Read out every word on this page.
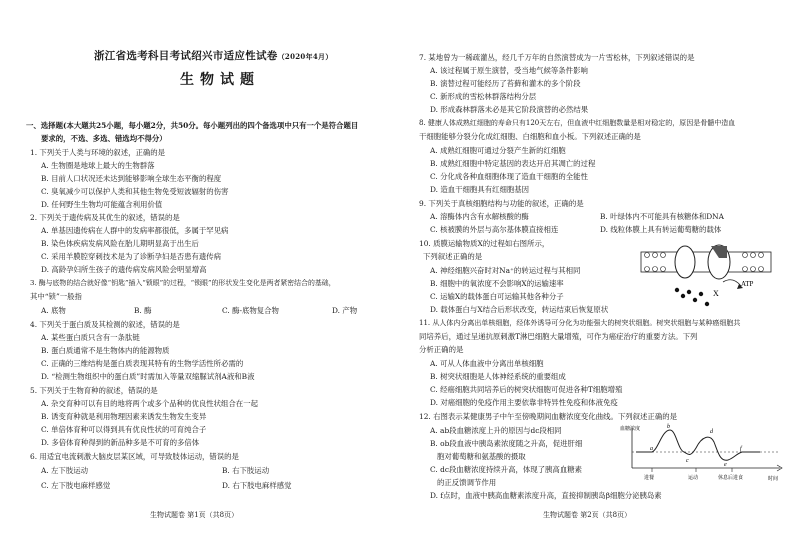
浙江省选考科目考试绍兴市适应性试卷（2020年4月）
生物试题
一、选择题(本大题共25小题，每小题2分，共50分。每小题列出的四个备选项中只有一个是符合题目
要求的，不选、多选、错选均不得分）
1. 下列关于人类与环境的叙述，正确的是
A. 生物圈是地球上最大的生物群落
B. 目前人口状况还未达到能够影响全球生态平衡的程度
C. 臭氧减少可以保护人类和其他生物免受短波辐射的伤害
D. 任何野生生物均可能蕴含利用价值
2. 下列关于遗传病及其优生的叙述，错误的是
A. 单基因遗传病在人群中的发病率都很低，多属于罕见病
B. 染色体疾病发病风险在胎儿期明显高于出生后
C. 采用羊膜腔穿刺技术是为了诊断孕妇是否患有遗传病
D. 高龄孕妇所生孩子的遗传病发病风险会明显增高
3. 酶与底物的结合就好像“钥匙”插入“锁眼”的过程，“锁眼”的形状发生变化是两者紧密结合的基础，
其中“锁”一般指
A. 底物	B. 酶	C. 酶-底物复合物	D. 产物
4. 下列关于蛋白质及其检测的叙述，错误的是
A. 某些蛋白质只含有一条肽链
B. 蛋白质通常不是生物体内的能源物质
C. 正确的三维结构是蛋白质表现其特有的生物学活性所必需的
D. “检测生物组织中的蛋白质”时需加入等量双缩脲试剂A液和B液
5. 下列关于生物育种的叙述，错误的是
A. 杂交育种可以有目的地将两个或多个品种的优良性状组合在一起
B. 诱变育种就是利用物理因素来诱发生物发生变异
C. 单倍体育种可以得到具有优良性状的可育纯合子
D. 多倍体育种得到的新品种多是不可育的多倍体
6. 用适宜电流刺激大脑皮层某区域，可导致肢体运动，错误的是
A. 左下肢运动	B. 右下肢运动
C. 左下肢电麻样感觉	D. 右下肢电麻样感觉
生物试题卷 第1页（共8页）
7. 某地曾为一稀疏灌丛，经几千万年的自然演替成为一片雪松林，下列叙述错误的是
A. 该过程属于原生演替，受当地气候等条件影响
B. 演替过程可能经历了苔藓和灌木的多个阶段
C. 新形成的雪松林群落结构分层
D. 形成森林群落未必是其它阶段演替的必然结果
8. 健康人体成熟红细胞的寿命只有120天左右，但血液中红细胞数量是相对稳定的，原因是骨髓中造血
干细胞能够分裂分化成红细胞、白细胞和血小板。下列叙述正确的是
A. 成熟红细胞可通过分裂产生新的红细胞
B. 成熟红细胞中特定基因的表达开启其凋亡的过程
C. 分化成各种血细胞体现了造血干细胞的全能性
D. 造血干细胞具有红细胞基因
9. 下列关于真核细胞结构与功能的叙述，正确的是
A. 溶酶体内含有水解核酸的酶	B. 叶绿体内不可能具有核糖体和DNA
C. 核被膜的外层与高尔基体膜直接相连	D. 线粒体膜上具有转运葡萄糖的载体
10. 质膜运输物质X的过程如右图所示，
下列叙述正确的是
A. 神经细胞兴奋时对Na⁺的转运过程与其相同
B. 细胞中的氧浓度不会影响X的运输速率
C. 运输X的载体蛋白可运输其他各种分子
D. 载体蛋白与X结合后形状改变，转运结束后恢复原状
X
ATP
11. 从人体内分离出单核细胞，经体外诱导可分化为功能强大的树突状细胞。树突状细胞与某种癌细胞共
同培养后，通过呈递抗原刺激T淋巴细胞大量增殖，可作为癌症治疗的重要方法。下列
分析正确的是
A. 可从人体血液中分离出单核细胞
B. 树突状细胞是人体神经系统的重要组成
C. 经癌细胞共同培养后的树突状细胞可促进各种T细胞增殖
D. 对癌细胞的免疫作用主要依靠非特异性免疫和体液免疫
12. 右图表示某健康男子中午至傍晚期间血糖浓度变化曲线。下列叙述正确的是
A. ab段血糖浓度上升的原因与dc段相同
B. ob段血液中胰岛素浓度随之升高，促进肝细
胞对葡萄糖和氨基酸的摄取
C. dc段血糖浓度持续升高，体现了胰高血糖素
的正反馈调节作用
D. f点时，血液中胰高血糖素浓度升高，直接抑制胰岛β细胞分泌胰岛素
血糖浓度
时间
a
b
c
d
e
f
进餐	运动	休息后进食
生物试题卷 第2页（共8页）
